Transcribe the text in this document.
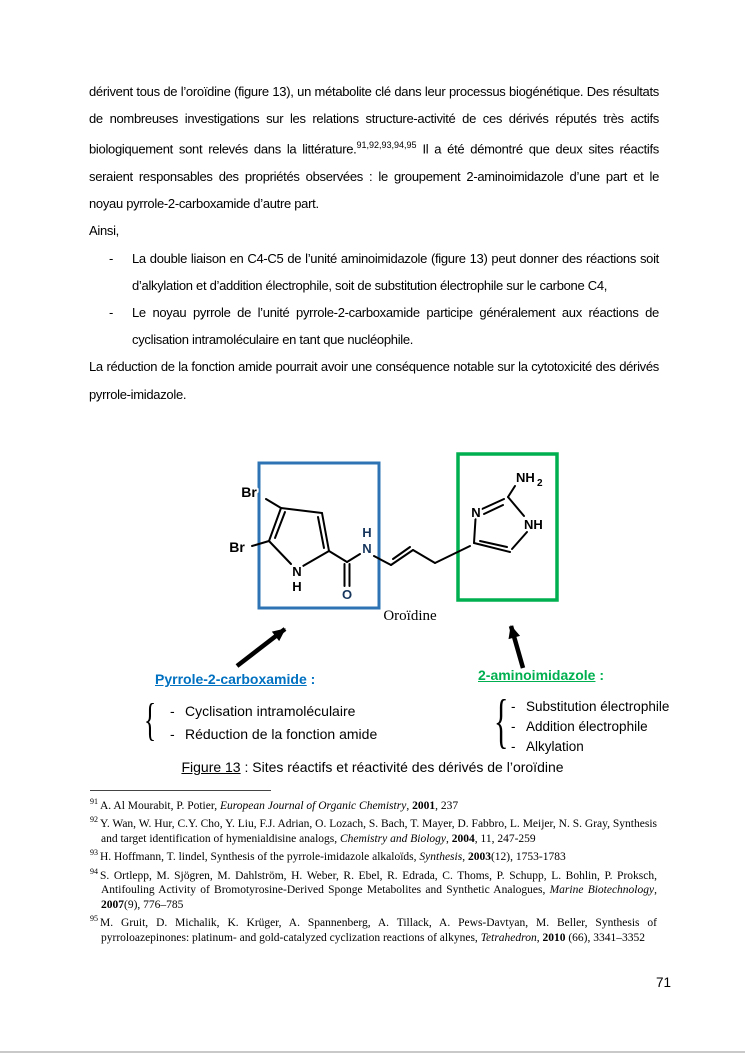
dérivent tous de l’oroïdine (figure 13), un métabolite clé dans leur processus biogénétique. Des résultats de nombreuses investigations sur les relations structure-activité de ces dérivés réputés très actifs biologiquement sont relevés dans la littérature.$^{91,92,93,94,95}$ Il a été démontré que deux sites réactifs seraient responsables des propriétés observées : le groupement 2-aminoimidazole d’une part et le noyau pyrrole-2-carboxamide d’autre part.

Ainsi,

-	La double liaison en C4-C5 de l’unité aminoimidazole (figure 13) peut donner des réactions soit d’alkylation et d’addition électrophile, soit de substitution électrophile sur le carbone C4,
-	Le noyau pyrrole de l’unité pyrrole-2-carboxamide participe généralement aux réactions de cyclisation intramoléculaire en tant que nucléophile.

La réduction de la fonction amide pourrait avoir une conséquence notable sur la cytotoxicité des dérivés pyrrole-imidazole.

Br
Br
N
H
H
N
O
N
NH
NH 2
Oroïdine
Pyrrole-2-carboxamide :
{ - Cyclisation intramoléculaire
- Réduction de la fonction amide
2-aminoimidazole :
{ - Substitution électrophile
- Addition électrophile
- Alkylation
Figure 13 : Sites réactifs et réactivité des dérivés de l’oroïdine
$^{91}$ A. Al Mourabit, P. Potier, European Journal of Organic Chemistry, 2001, 237
$^{92}$ Y. Wan, W. Hur, C.Y. Cho, Y. Liu, F.J. Adrian, O. Lozach, S. Bach, T. Mayer, D. Fabbro, L. Meijer, N. S. Gray, Synthesis and target identification of hymenialdisine analogs, Chemistry and Biology, 2004, 11, 247-259
$^{93}$ H. Hoffmann, T. lindel, Synthesis of the pyrrole-imidazole alkaloïds, Synthesis, 2003(12), 1753-1783
$^{94}$ S. Ortlepp, M. Sjögren, M. Dahlström, H. Weber, R. Ebel, R. Edrada, C. Thoms, P. Schupp, L. Bohlin, P. Proksch, Antifouling Activity of Bromotyrosine-Derived Sponge Metabolites and Synthetic Analogues, Marine Biotechnology, 2007(9), 776–785
$^{95}$ M. Gruit, D. Michalik, K. Krüger, A. Spannenberg, A. Tillack, A. Pews-Davtyan, M. Beller, Synthesis of pyrroloazepinones: platinum- and gold-catalyzed cyclization reactions of alkynes, Tetrahedron, 2010 (66), 3341–3352
71
